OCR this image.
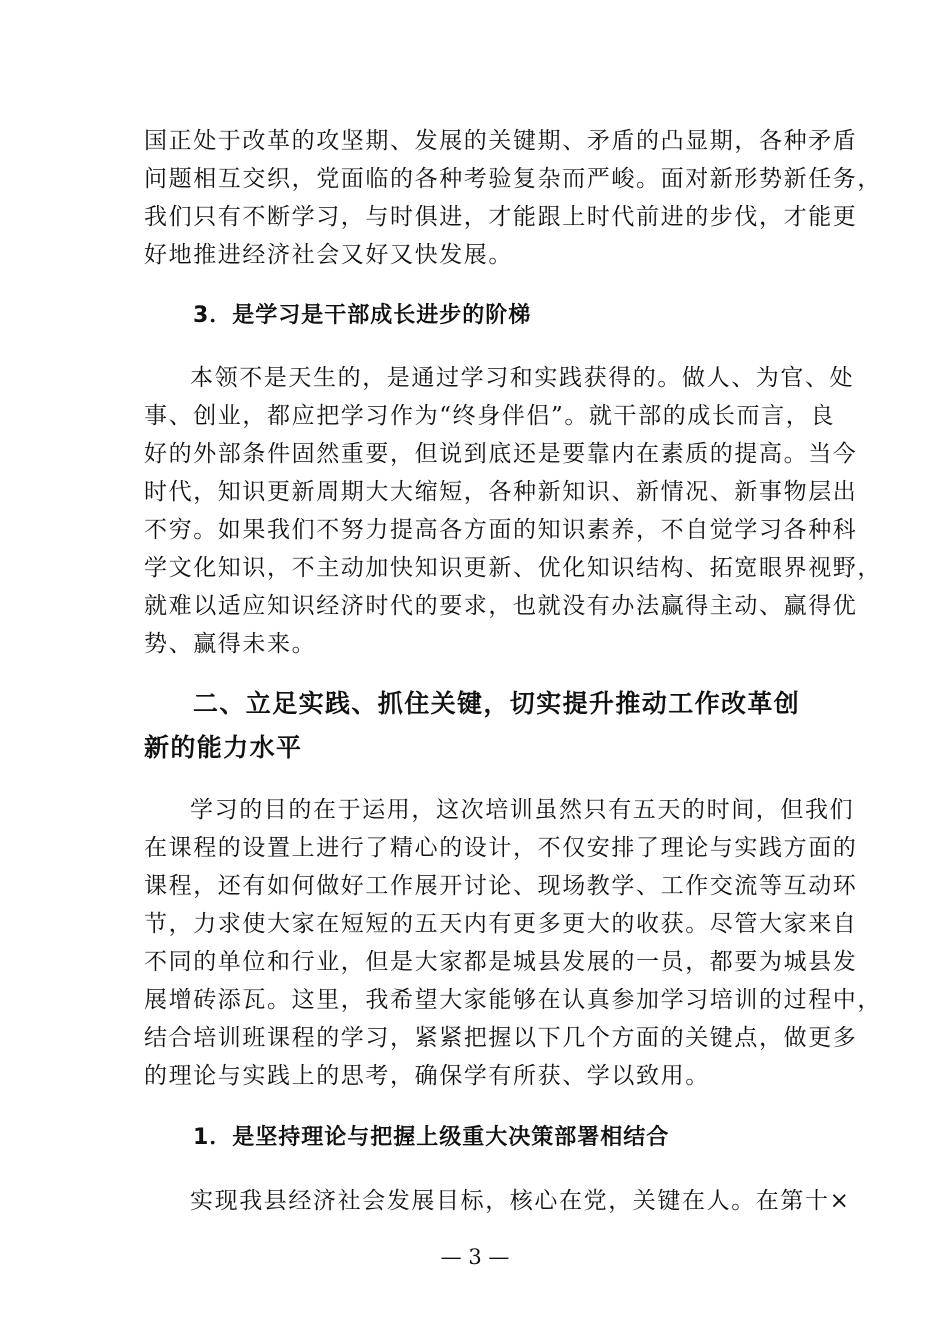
国正处于改革的攻坚期、发展的关键期、矛盾的凸显期，各种矛盾
问题相互交织，党面临的各种考验复杂而严峻。面对新形势新任务，
我们只有不断学习，与时俱进，才能跟上时代前进的步伐，才能更
好地推进经济社会又好又快发展。
3．是学习是干部成长进步的阶梯
本领不是天生的，是通过学习和实践获得的。做人、为官、处
事、创业，都应把学习作为“终身伴侣”。就干部的成长而言，良
好的外部条件固然重要，但说到底还是要靠内在素质的提高。当今
时代，知识更新周期大大缩短，各种新知识、新情况、新事物层出
不穷。如果我们不努力提高各方面的知识素养，不自觉学习各种科
学文化知识，不主动加快知识更新、优化知识结构、拓宽眼界视野，
就难以适应知识经济时代的要求，也就没有办法赢得主动、赢得优
势、赢得未来。
二、立足实践、抓住关键，切实提升推动工作改革创
新的能力水平
学习的目的在于运用，这次培训虽然只有五天的时间，但我们
在课程的设置上进行了精心的设计，不仅安排了理论与实践方面的
课程，还有如何做好工作展开讨论、现场教学、工作交流等互动环
节，力求使大家在短短的五天内有更多更大的收获。尽管大家来自
不同的单位和行业，但是大家都是城县发展的一员，都要为城县发
展增砖添瓦。这里，我希望大家能够在认真参加学习培训的过程中，
结合培训班课程的学习，紧紧把握以下几个方面的关键点，做更多
的理论与实践上的思考，确保学有所获、学以致用。
1．是坚持理论与把握上级重大决策部署相结合
实现我县经济社会发展目标，核心在党，关键在人。在第十×
— 3 —
